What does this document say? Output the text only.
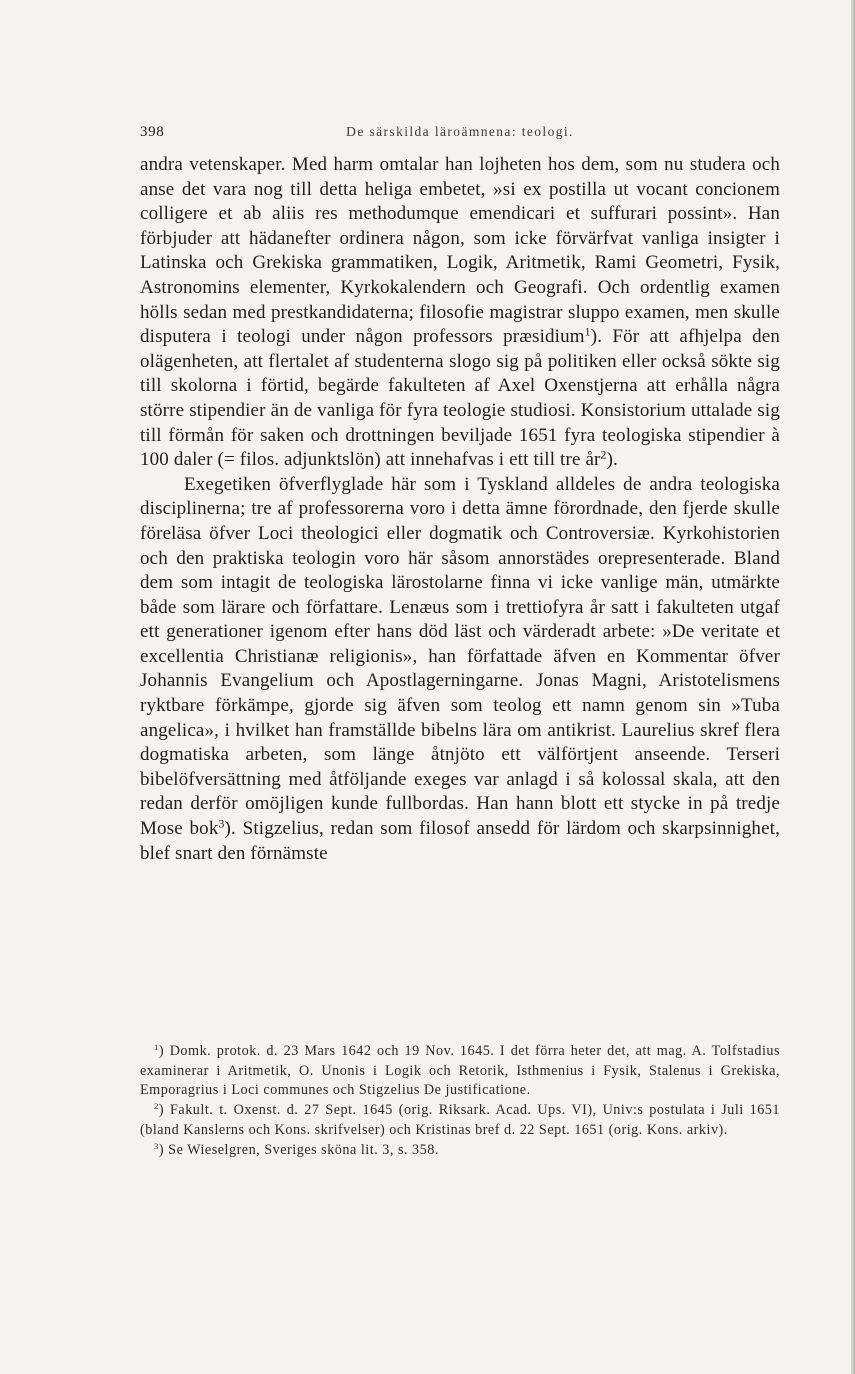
398	De särskilda läroämnena: teologi.

andra vetenskaper. Med harm omtalar han lojheten hos dem, som nu studera och anse det vara nog till detta heliga embetet, »si ex postilla ut vocant concionem colligere et ab aliis res methodumque emendicari et suffurari possint». Han förbjuder att hädanefter ordinera någon, som icke förvärfvat vanliga insigter i Latinska och Grekiska grammatiken, Logik, Aritmetik, Rami Geometri, Fysik, Astronomins elementer, Kyrkokalendern och Geografi. Och ordentlig examen hölls sedan med prestkandidaterna; filosofie magistrar sluppo examen, men skulle disputera i teologi under någon professors præsidium$^1$). För att afhjelpa den olägenheten, att flertalet af studenterna slogo sig på politiken eller också sökte sig till skolorna i förtid, begärde fakulteten af Axel Oxenstjerna att erhålla några större stipendier än de vanliga för fyra teologie studiosi. Konsistorium uttalade sig till förmån för saken och drottningen beviljade 1651 fyra teologiska stipendier à 100 daler (= filos. adjunktslön) att innehafvas i ett till tre $år^2$).

Exegetiken öfverflyglade här som i Tyskland alldeles de andra teologiska disciplinerna; tre af professorerna voro i detta ämne förordnade, den fjerde skulle föreläsa öfver Loci theologici eller dogmatik och Controversiæ. Kyrkohistorien och den praktiska teologin voro här såsom annorstädes orepresenterade. Bland dem som intagit de teologiska lärostolarne finna vi icke vanlige män, utmärkte både som lärare och författare. Lenæus som i trettiofyra år satt i fakulteten utgaf ett generationer igenom efter hans död läst och värderadt arbete: »De veritate et excellentia Christianæ religionis», han författade äfven en Kommentar öfver Johannis Evangelium och Apostlagerningarne. Jonas Magni, Aristotelismens ryktbare förkämpe, gjorde sig äfven som teolog ett namn genom sin »Tuba angelica», i hvilket han framställde bibelns lära om antikrist. Laurelius skref flera dogmatiska arbeten, som länge åtnjöto ett välförtjent anseende. Terseri bibelöfversättning med åtföljande exeges var anlagd i så kolossal skala, att den redan derför omöjligen kunde fullbordas. Han hann blott ett stycke in på tredje Mose bok$^3$). Stigzelius, redan som filosof ansedd för lärdom och skarpsinnighet, blef snart den förnämste

$^1$) Domk. protok. d. 23 Mars 1642 och 19 Nov. 1645. I det förra heter det, att mag. A. Tolfstadius examinerar i Aritmetik, O. Unonis i Logik och Retorik, Isthmenius i Fysik, Stalenus i Grekiska, Emporagrius i Loci communes och Stigzelius De justificatione.

$^2$) Fakult. t. Oxenst. d. 27 Sept. 1645 (orig. Riksark. Acad. Ups. VI), Univ:s postulata i Juli 1651 (bland Kanslerns och Kons. skrifvelser) och Kristinas bref d. 22 Sept. 1651 (orig. Kons. arkiv).

$^3$) Se Wieselgren, Sveriges sköna lit. 3, s. 358.
